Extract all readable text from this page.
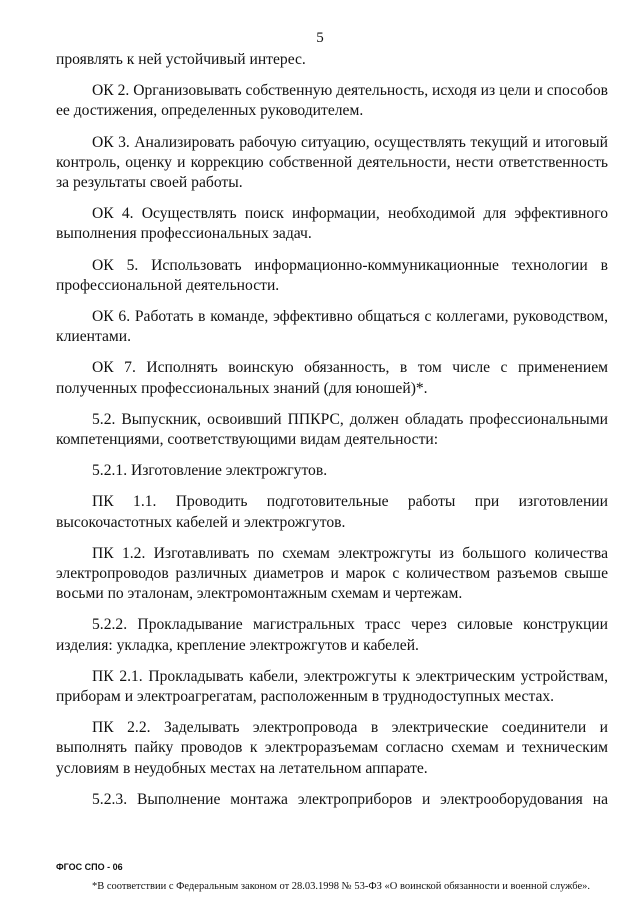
5

проявлять к ней устойчивый интерес.

ОК 2. Организовывать собственную деятельность, исходя из цели и способов ее достижения, определенных руководителем.

ОК 3. Анализировать рабочую ситуацию, осуществлять текущий и итоговый контроль, оценку и коррекцию собственной деятельности, нести ответственность за результаты своей работы.

ОК 4. Осуществлять поиск информации, необходимой для эффективного выполнения профессиональных задач.

ОК 5. Использовать информационно-коммуникационные технологии в профессиональной деятельности.

ОК 6. Работать в команде, эффективно общаться с коллегами, руководством, клиентами.

ОК 7. Исполнять воинскую обязанность, в том числе с применением полученных профессиональных знаний (для юношей)*.

5.2. Выпускник, освоивший ППКРС, должен обладать профессиональными компетенциями, соответствующими видам деятельности:

5.2.1. Изготовление электрожгутов.

ПК 1.1. Проводить подготовительные работы при изготовлении высокочастотных кабелей и электрожгутов.

ПК 1.2. Изготавливать по схемам электрожгуты из большого количества электропроводов различных диаметров и марок с количеством разъемов свыше восьми по эталонам, электромонтажным схемам и чертежам.

5.2.2. Прокладывание магистральных трасс через силовые конструкции изделия: укладка, крепление электрожгутов и кабелей.

ПК 2.1. Прокладывать кабели, электрожгуты к электрическим устройствам, приборам и электроагрегатам, расположенным в труднодоступных местах.

ПК 2.2. Заделывать электропровода в электрические соединители и выполнять пайку проводов к электроразъемам согласно схемам и техническим условиям в неудобных местах на летательном аппарате.

5.2.3. Выполнение монтажа электроприборов и электрооборудования на

ФГОС СПО - 06
*В соответствии с Федеральным законом от 28.03.1998 № 53-ФЗ «О воинской обязанности и военной службе».
